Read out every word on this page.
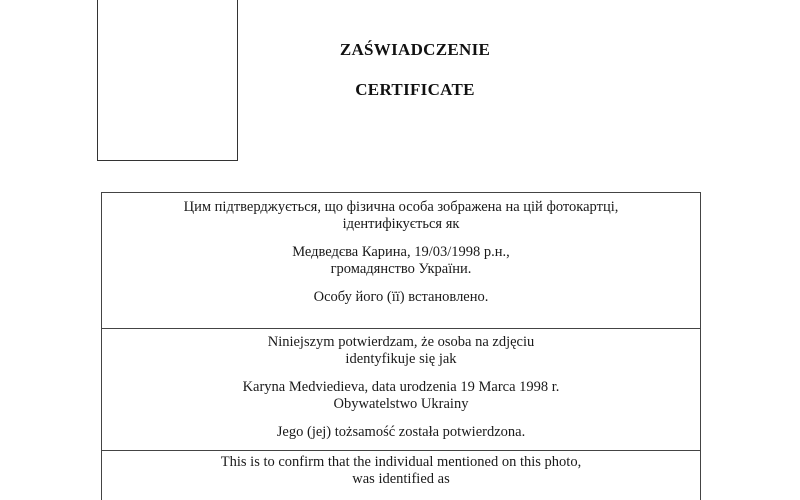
ZAŚWIADCZENIE
CERTIFICATE
Цим підтверджується, що фізична особа зображена на цій фотокартці,
ідентифікується як
Медведєва Карина, 19/03/1998 р.н.,
громадянство України.
Особу його (її) встановлено.
Niniejszym potwierdzam, że osoba na zdjęciu
identyfikuje się jak
Karyna Medviedieva, data urodzenia 19 Marca 1998 r.
Obywatelstwo Ukrainy
Jego (jej) tożsamość została potwierdzona.
This is to confirm that the individual mentioned on this photo,
was identified as
